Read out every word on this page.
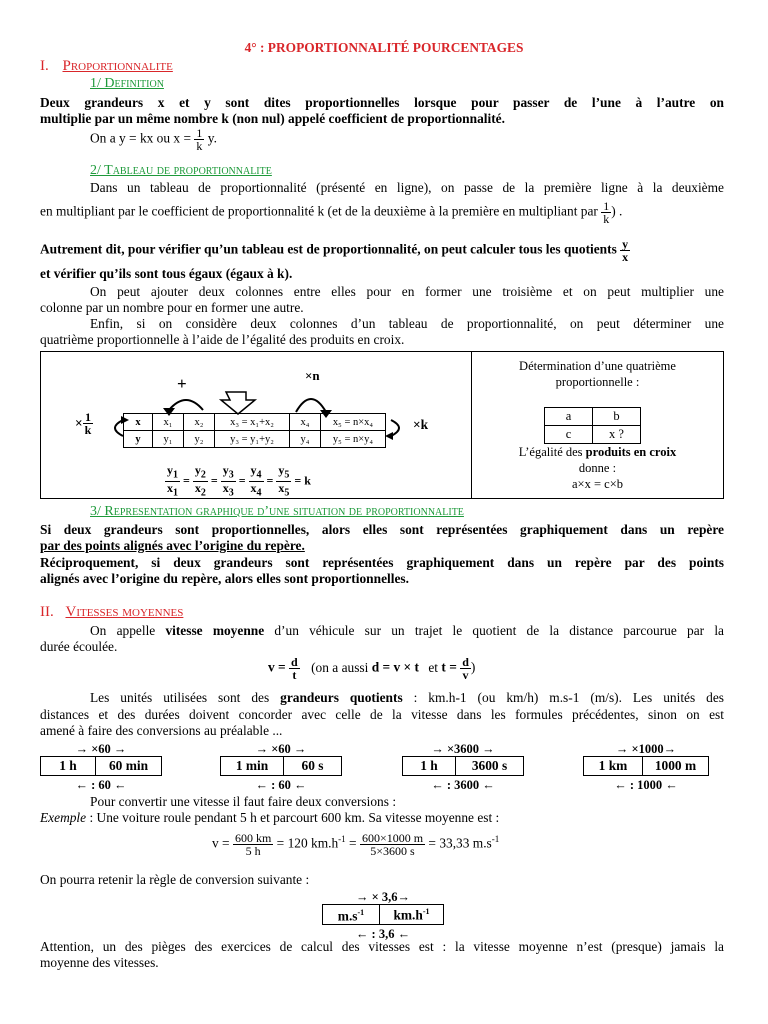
4° : PROPORTIONNALITÉ POURCENTAGES
I. Proportionnalite
1/ Definition
Deux grandeurs x et y sont dites proportionnelles lorsque pour passer de l’une à l’autre on
multiplie par un même nombre k (non nul) appelé coefficient de proportionnalité.
On a y = kx ou $x = \frac{1}{k} y$.
2/ Tableau de proportionnalite
Dans un tableau de proportionnalité (présenté en ligne), on passe de la première ligne à la deuxième
en multipliant par le coefficient de proportionnalité k (et de la deuxième à la première en multipliant par $\frac{1}{k}$ ) .
Autrement dit, pour vérifier qu’un tableau est de proportionnalité, on peut calculer tous les quotients $\frac{y}{x}$
et vérifier qu’ils sont tous égaux (égaux à k).
On peut ajouter deux colonnes entre elles pour en former une troisième et on peut multiplier une
colonne par un nombre pour en former une autre.
Enfin, si on considère deux colonnes d’un tableau de proportionnalité, on peut déterminer une
quatrième proportionnelle à l’aide de l’égalité des produits en croix.
+	×n
× $\frac{1}{k}$	×k
x	x₁	x₂	x₃ = x₁+x₂	x₄	x₅ = n×x₄
y	y₁	y₂	y₃ = y₁+y₂	y₄	y₅ = n×y₄
$\frac{y_1}{x_1} = \frac{y_2}{x_2} = \frac{y_3}{x_3} = \frac{y_4}{x_4} = \frac{y_5}{x_5} = k$
Détermination d’une quatrième
proportionnelle :
a	b
c	x ?
L’égalité des produits en croix
donne :
a×x = c×b
3/ Representation graphique d’une situation de proportionnalite
Si deux grandeurs sont proportionnelles, alors elles sont représentées graphiquement dans un repère
par des points alignés avec l’origine du repère.
Réciproquement, si deux grandeurs sont représentées graphiquement dans un repère par des points
alignés avec l’origine du repère, alors elles sont proportionnelles.
II. Vitesses moyennes
On appelle vitesse moyenne d’un véhicule sur un trajet le quotient de la distance parcourue par la
durée écoulée.
$v = \frac{d}{t} (on$ a aussi d = v × t et $t = \frac{d}{v}$ )
Les unités utilisées sont des grandeurs quotients : km.h-1 (ou km/h) m.s-1 (m/s). Les unités des
distances et des durées doivent concorder avec celle de la vitesse dans les formules précédentes, sinon on est
amené à faire des conversions au préalable ...
→ ×60 →
1 h	60 min
← : 60 ←
→ ×60 →
1 min	60 s
← : 60 ←
→ ×3600 →
1 h	3600 s
← : 3600 ←
→ ×1000→
1 km	1000 m
← : 1000 ←
Pour convertir une vitesse il faut faire deux conversions :
Exemple : Une voiture roule pendant 5 h et parcourt 600 km. Sa vitesse moyenne est :
$v = \frac{600 km}{5 h} = 120$ $km.h^{-1} = \frac{600\times 1000 m}{5\times 3600 s} = 33,33$ $m.s^{-1}$
On pourra retenir la règle de conversion suivante :
→ × 3,6→
$m.s^{-1}$	$km.h^{-1}$
← : 3,6 ←
Attention, un des pièges des exercices de calcul des vitesses est : la vitesse moyenne n’est (presque) jamais la
moyenne des vitesses.
